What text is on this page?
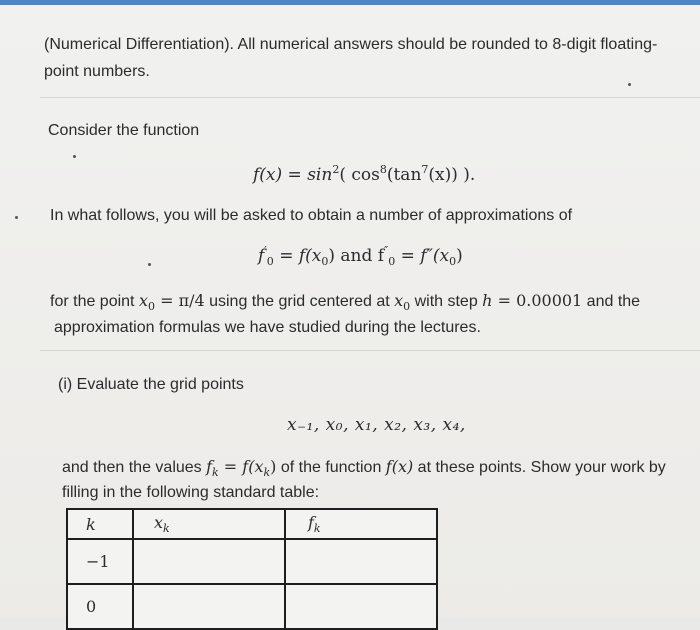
(Numerical Differentiation). All numerical answers should be rounded to 8-digit floating-
point numbers.
Consider the function
$f(x) = \sin^2$( $\cos^8(\tan^7(x))$ ).
In what follows, you will be asked to obtain a number of approximations of
$f'_0 = f(x_0)$ and $f''_0 = f''(x_0)$
for the point $x_0 = \pi/4$ using the grid centered at $x_0$ with step h = 0.00001 and the
approximation formulas we have studied during the lectures.
(i) Evaluate the grid points
x₋₁, x₀, x₁, x₂, x₃, x₄,
and then the values $f_k = f(x_k)$ of the function f(x) at these points. Show your work by
filling in the following standard table:
k	$x_k$	$f_k$
−1		
0		
